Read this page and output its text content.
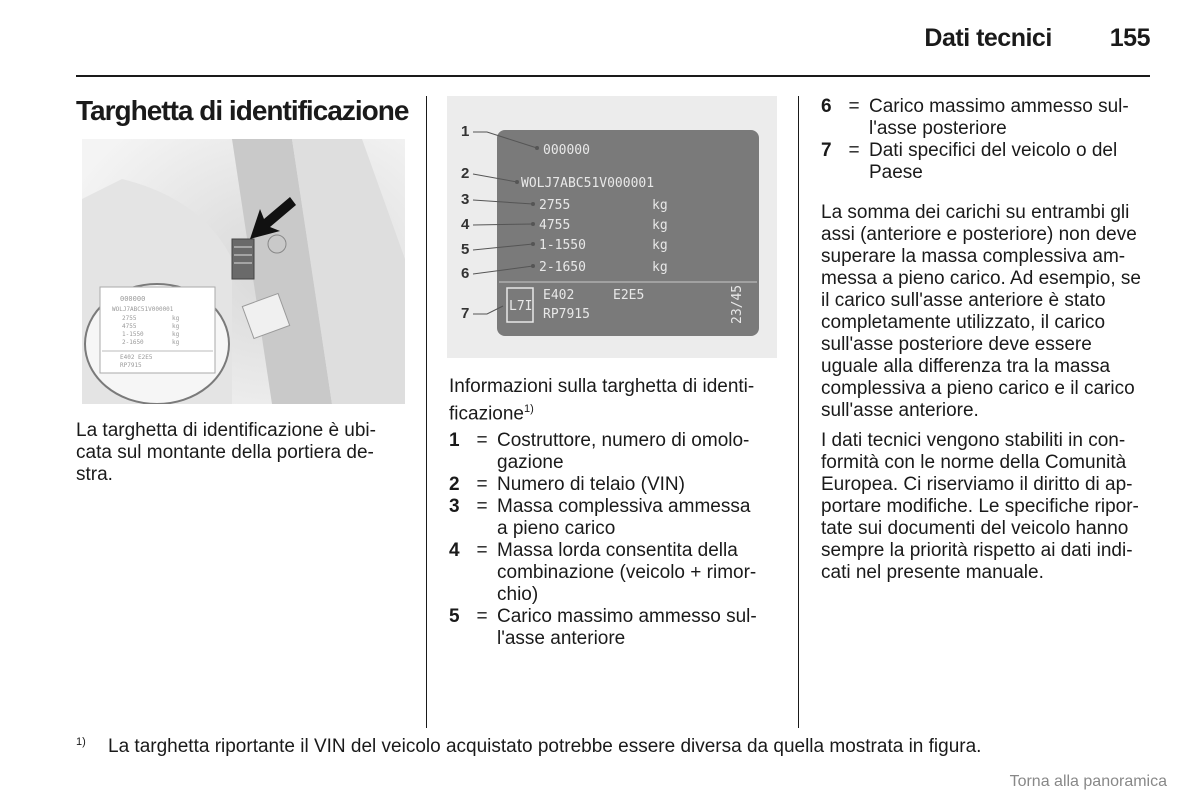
Dati tecnici 155
Targhetta di identificazione
000000
WOLJ7ABC51V000001
2755	kg
4755	kg
1-1550	kg
2-1650	kg
E402 E2E5
RP7915
La targhetta di identificazione è ubi-
cata sul montante della portiera de-
stra.
1
2
3
4
5
6
7
000000
WOLJ7ABC51V000001
2755	kg
4755	kg
1-1550	kg
2-1650	kg
L7I
E402	E2E5
RP7915	23/45
Informazioni sulla targhetta di identi-
ficazione$^{1)}$
1 = Costruttore, numero di omolo-
gazione
2 = Numero di telaio (VIN)
3 = Massa complessiva ammessa
a pieno carico
4 = Massa lorda consentita della
combinazione (veicolo + rimor-
chio)
5 = Carico massimo ammesso sul-
l'asse anteriore
6 = Carico massimo ammesso sul-
l'asse posteriore
7 = Dati specifici del veicolo o del
Paese
La somma dei carichi su entrambi gli
assi (anteriore e posteriore) non deve
superare la massa complessiva am-
messa a pieno carico. Ad esempio, se
il carico sull'asse anteriore è stato
completamente utilizzato, il carico
sull'asse posteriore deve essere
uguale alla differenza tra la massa
complessiva a pieno carico e il carico
sull'asse anteriore.
I dati tecnici vengono stabiliti in con-
formità con le norme della Comunità
Europea. Ci riserviamo il diritto di ap-
portare modifiche. Le specifiche ripor-
tate sui documenti del veicolo hanno
sempre la priorità rispetto ai dati indi-
cati nel presente manuale.
1)	La targhetta riportante il VIN del veicolo acquistato potrebbe essere diversa da quella mostrata in figura.
Torna alla panoramica
